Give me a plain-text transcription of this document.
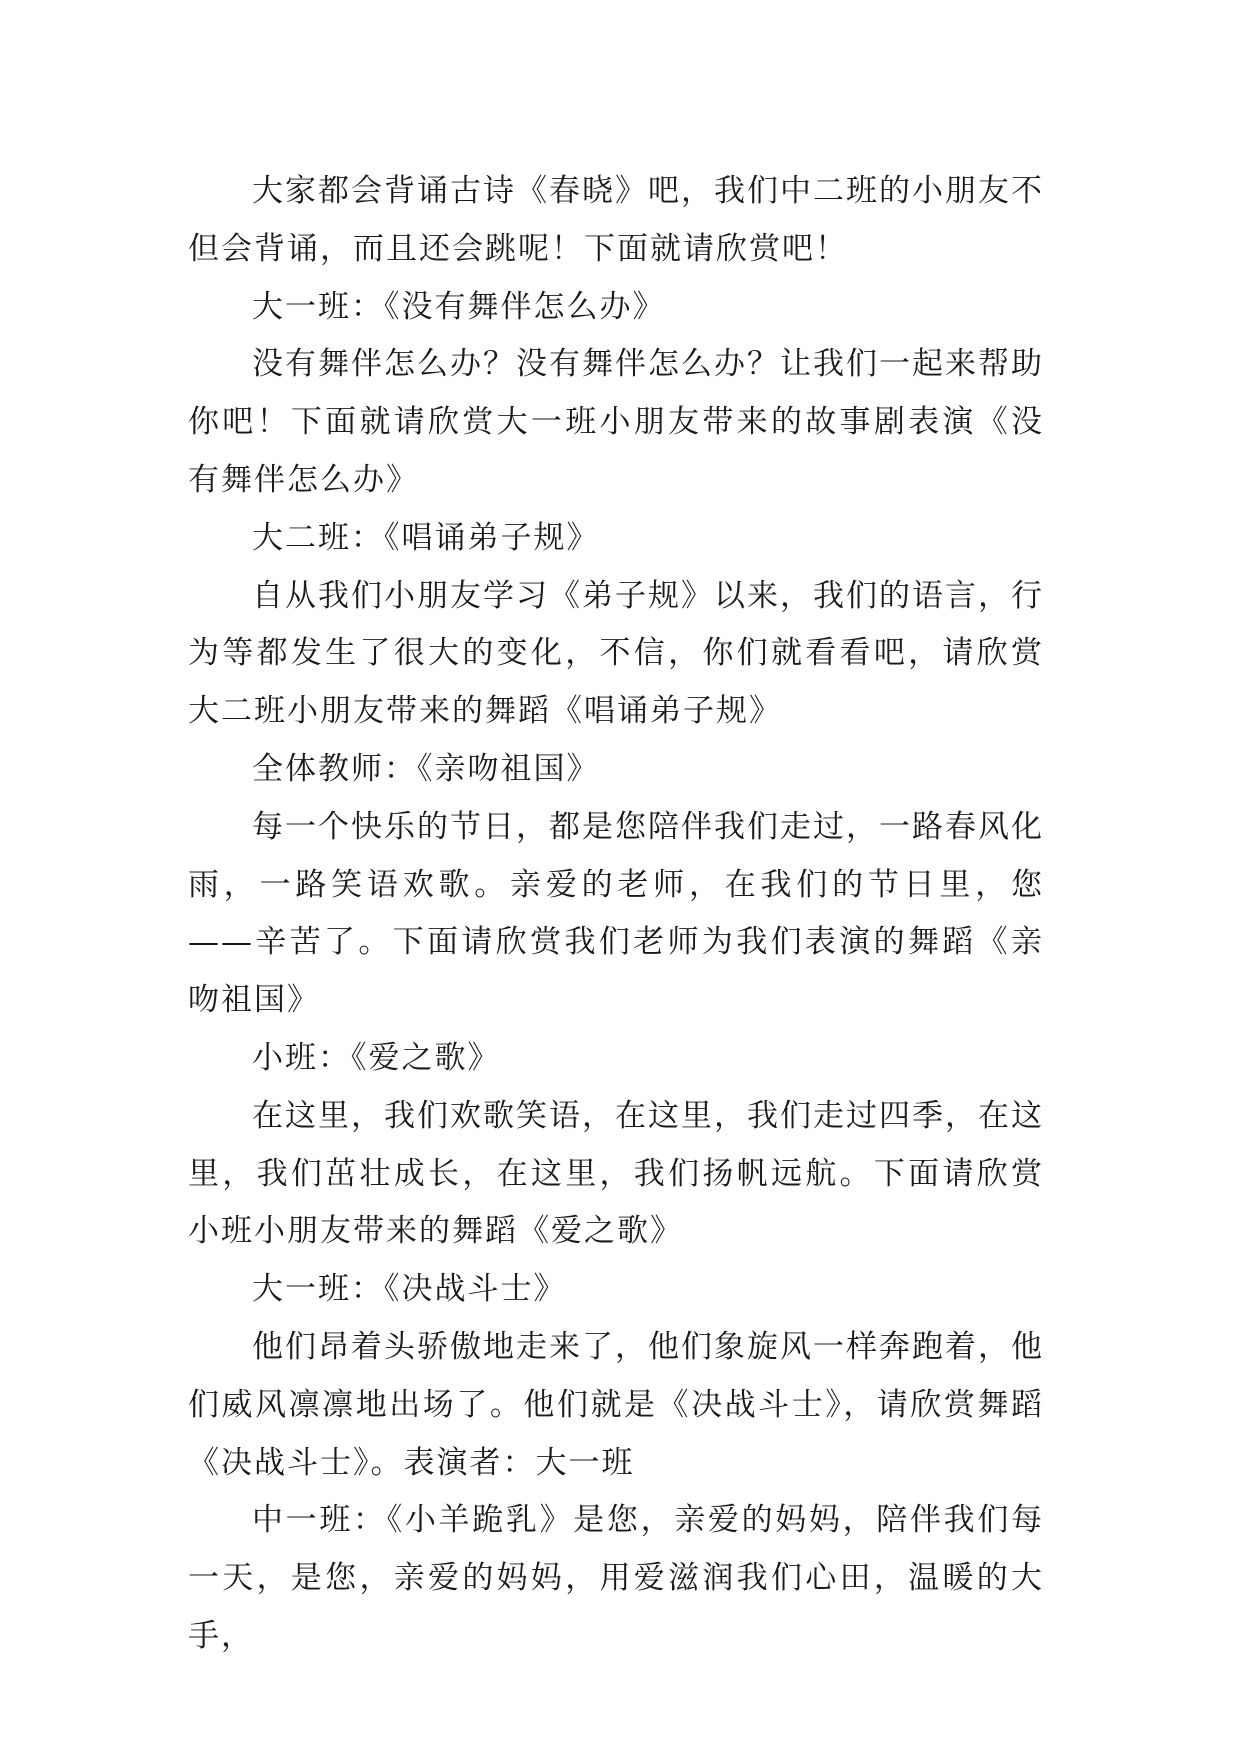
大家都会背诵古诗《春晓》吧，我们中二班的小朋友不但会背诵，而且还会跳呢！下面就请欣赏吧！

大一班：《没有舞伴怎么办》

没有舞伴怎么办？没有舞伴怎么办？让我们一起来帮助你吧！下面就请欣赏大一班小朋友带来的故事剧表演《没有舞伴怎么办》

大二班：《唱诵弟子规》

自从我们小朋友学习《弟子规》以来，我们的语言，行为等都发生了很大的变化，不信，你们就看看吧，请欣赏大二班小朋友带来的舞蹈《唱诵弟子规》

全体教师：《亲吻祖国》

每一个快乐的节日，都是您陪伴我们走过，一路春风化雨，一路笑语欢歌。亲爱的老师，在我们的节日里，您——辛苦了。下面请欣赏我们老师为我们表演的舞蹈《亲吻祖国》

小班：《爱之歌》

在这里，我们欢歌笑语，在这里，我们走过四季，在这里，我们茁壮成长，在这里，我们扬帆远航。下面请欣赏小班小朋友带来的舞蹈《爱之歌》

大一班：《决战斗士》

他们昂着头骄傲地走来了，他们象旋风一样奔跑着，他们威风凛凛地出场了。他们就是《决战斗士》，请欣赏舞蹈《决战斗士》。表演者：大一班

中一班：《小羊跪乳》是您，亲爱的妈妈，陪伴我们每一天，是您，亲爱的妈妈，用爱滋润我们心田，温暖的大手，
